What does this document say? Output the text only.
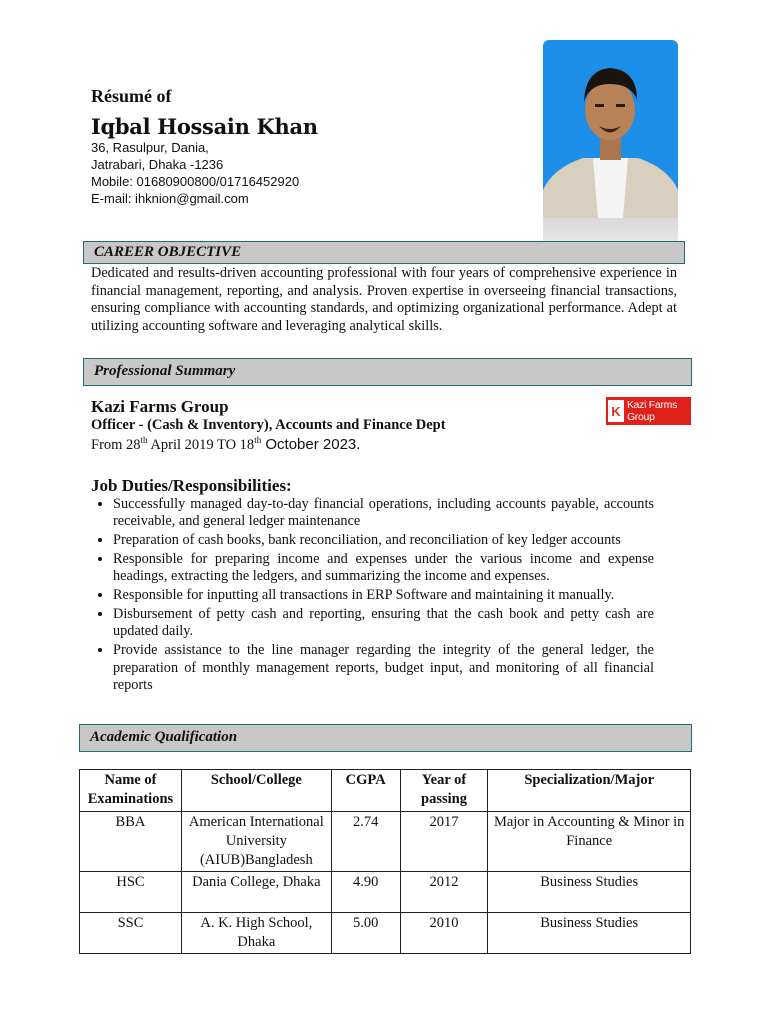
Résumé of
Iqbal Hossain Khan
36, Rasulpur, Dania,
Jatrabari, Dhaka -1236
Mobile: 01680900800/01716452920
E-mail: ihknion@gmail.com
CAREER OBJECTIVE
Dedicated and results-driven accounting professional with four years of comprehensive experience in financial management, reporting, and analysis. Proven expertise in overseeing financial transactions, ensuring compliance with accounting standards, and optimizing organizational performance. Adept at utilizing accounting software and leveraging analytical skills.
Professional Summary
Kazi Farms Group
Officer - (Cash & Inventory), Accounts and Finance Dept
From 28th April 2019 TO 18th October 2023.
K Kazi Farms Group
Job Duties/Responsibilities:
• Successfully managed day-to-day financial operations, including accounts payable, accounts receivable, and general ledger maintenance
• Preparation of cash books, bank reconciliation, and reconciliation of key ledger accounts
• Responsible for preparing income and expenses under the various income and expense headings, extracting the ledgers, and summarizing the income and expenses.
• Responsible for inputting all transactions in ERP Software and maintaining it manually.
• Disbursement of petty cash and reporting, ensuring that the cash book and petty cash are updated daily.
• Provide assistance to the line manager regarding the integrity of the general ledger, the preparation of monthly management reports, budget input, and monitoring of all financial reports
Academic Qualification
Name of Examinations	School/College	CGPA	Year of passing	Specialization/Major
BBA	American International University (AIUB)Bangladesh	2.74	2017	Major in Accounting & Minor in Finance
HSC	Dania College, Dhaka	4.90	2012	Business Studies
SSC	A. K. High School, Dhaka	5.00	2010	Business Studies
